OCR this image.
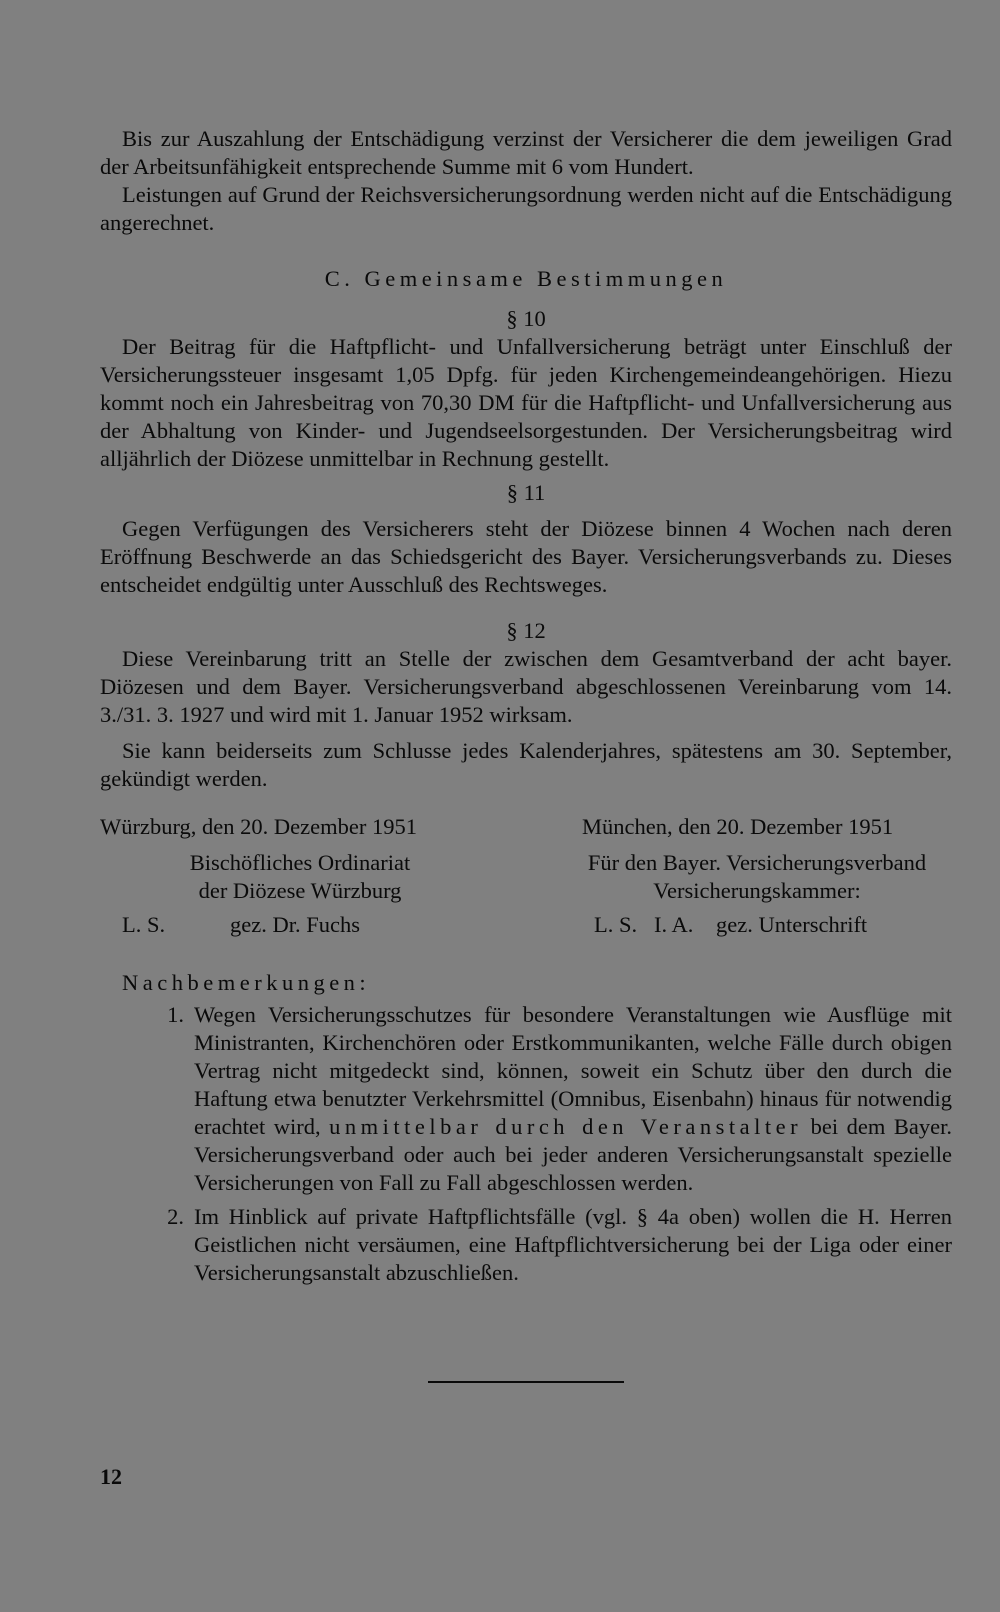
Bis zur Auszahlung der Entschädigung verzinst der Versicherer die dem jeweiligen Grad der Arbeitsunfähigkeit entsprechende Summe mit 6 vom Hundert.

Leistungen auf Grund der Reichsversicherungsordnung werden nicht auf die Entschädigung angerechnet.

C. Gemeinsame Bestimmungen
§ 10

Der Beitrag für die Haftpflicht- und Unfallversicherung beträgt unter Einschluß der Versicherungssteuer insgesamt 1,05 Dpfg. für jeden Kirchengemeindeangehörigen. Hiezu kommt noch ein Jahresbeitrag von 70,30 DM für die Haftpflicht- und Unfallversicherung aus der Abhaltung von Kinder- und Jugendseelsorgestunden. Der Versicherungsbeitrag wird alljährlich der Diözese unmittelbar in Rechnung gestellt.

§ 11

Gegen Verfügungen des Versicherers steht der Diözese binnen 4 Wochen nach deren Eröffnung Beschwerde an das Schiedsgericht des Bayer. Versicherungsverbands zu. Dieses entscheidet endgültig unter Ausschluß des Rechtsweges.

§ 12

Diese Vereinbarung tritt an Stelle der zwischen dem Gesamtverband der acht bayer. Diözesen und dem Bayer. Versicherungsverband abgeschlossenen Vereinbarung vom 14. 3./31. 3. 1927 und wird mit 1. Januar 1952 wirksam.

Sie kann beiderseits zum Schlusse jedes Kalenderjahres, spätestens am 30. September, gekündigt werden.

Würzburg, den 20. Dezember 1951
Bischöfliches Ordinariat
der Diözese Würzburg
L. S.	gez. Dr. Fuchs
München, den 20. Dezember 1951
Für den Bayer. Versicherungsverband
Versicherungskammer:
L. S. I. A.	gez. Unterschrift
Nachbemerkungen:
1. Wegen Versicherungsschutzes für besondere Veranstaltungen wie Ausflüge mit Ministranten, Kirchenchören oder Erstkommunikanten, welche Fälle durch obigen Vertrag nicht mitgedeckt sind, können, soweit ein Schutz über den durch die Haftung etwa benutzter Verkehrsmittel (Omnibus, Eisenbahn) hinaus für notwendig erachtet wird, unmittelbar durch den Veranstalter bei dem Bayer. Versicherungsverband oder auch bei jeder anderen Versicherungsanstalt spezielle Versicherungen von Fall zu Fall abgeschlossen werden.
2. Im Hinblick auf private Haftpflichtsfälle (vgl. § 4a oben) wollen die H. Herren Geistlichen nicht versäumen, eine Haftpflichtversicherung bei der Liga oder einer Versicherungsanstalt abzuschließen.
12
